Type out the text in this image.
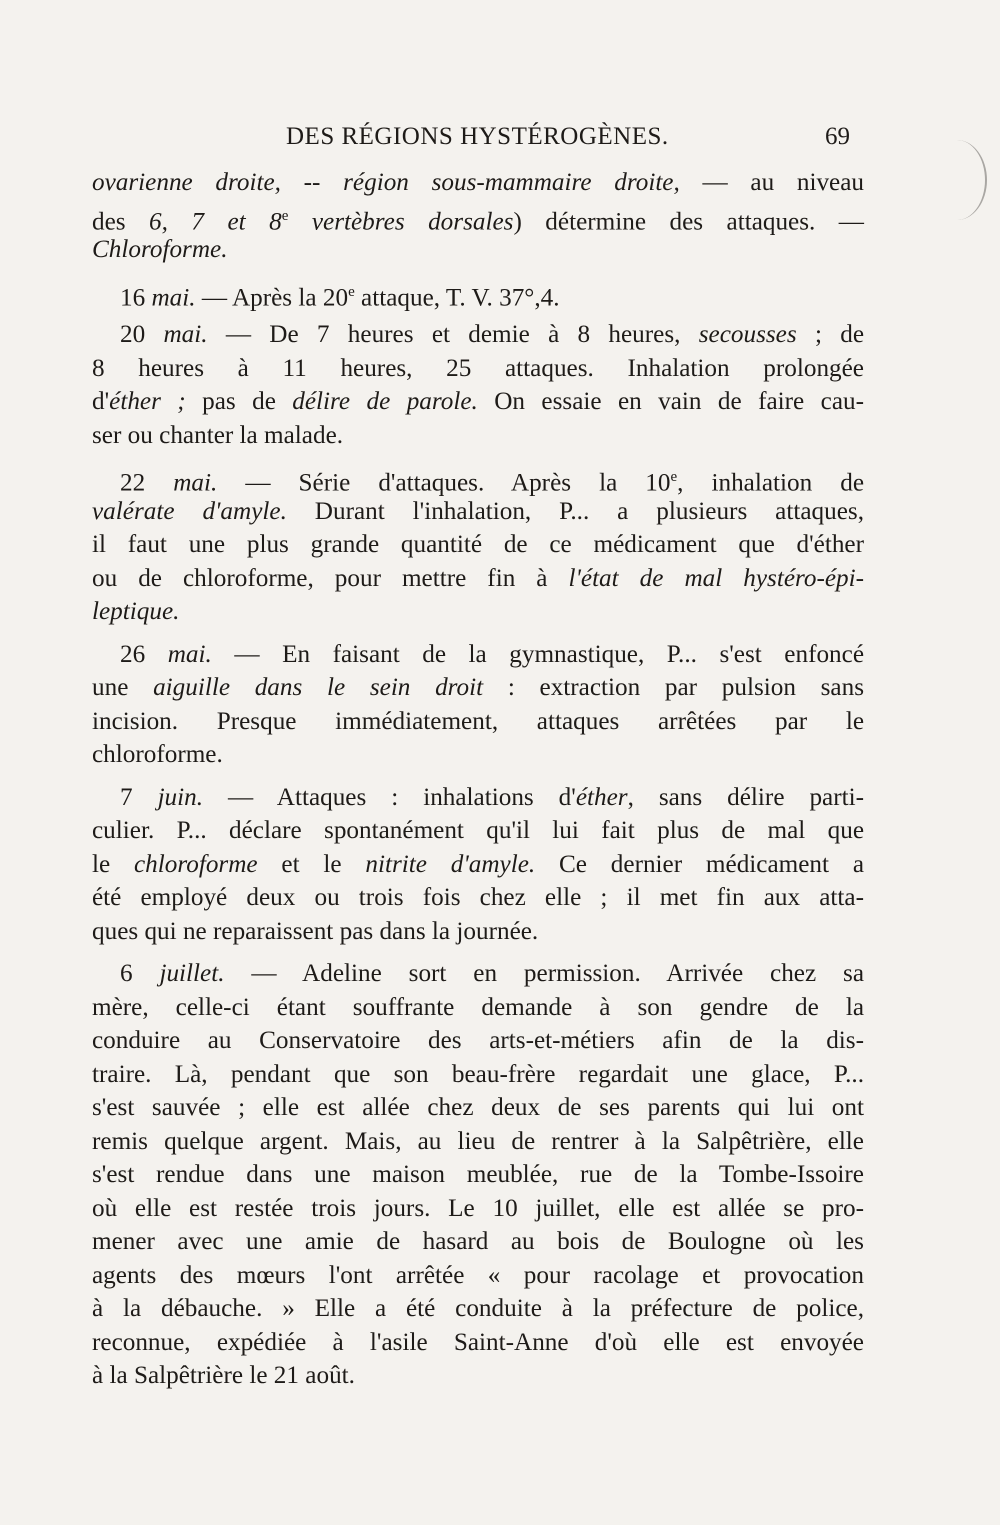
DES RÉGIONS HYSTÉROGÈNES.	69
ovarienne droite, -- région sous-mammaire droite, — au niveau
des 6, 7 et 8e vertèbres dorsales) détermine des attaques. —
Chloroforme.
16 mai. — Après la 20e attaque, T. V. 37°,4.
20 mai. — De 7 heures et demie à 8 heures, secousses ; de
8 heures à 11 heures, 25 attaques. Inhalation prolongée
d'éther ; pas de délire de parole. On essaie en vain de faire cau-
ser ou chanter la malade.
22 mai. — Série d'attaques. Après la 10e, inhalation de
valérate d'amyle. Durant l'inhalation, P... a plusieurs attaques,
il faut une plus grande quantité de ce médicament que d'éther
ou de chloroforme, pour mettre fin à l'état de mal hystéro-épi-
leptique.
26 mai. — En faisant de la gymnastique, P... s'est enfoncé
une aiguille dans le sein droit : extraction par pulsion sans
incision. Presque immédiatement, attaques arrêtées par le
chloroforme.
7 juin. — Attaques : inhalations d'éther, sans délire parti-
culier. P... déclare spontanément qu'il lui fait plus de mal que
le chloroforme et le nitrite d'amyle. Ce dernier médicament a
été employé deux ou trois fois chez elle ; il met fin aux atta-
ques qui ne reparaissent pas dans la journée.
6 juillet. — Adeline sort en permission. Arrivée chez sa
mère, celle-ci étant souffrante demande à son gendre de la
conduire au Conservatoire des arts-et-métiers afin de la dis-
traire. Là, pendant que son beau-frère regardait une glace, P...
s'est sauvée ; elle est allée chez deux de ses parents qui lui ont
remis quelque argent. Mais, au lieu de rentrer à la Salpêtrière, elle
s'est rendue dans une maison meublée, rue de la Tombe-Issoire
où elle est restée trois jours. Le 10 juillet, elle est allée se pro-
mener avec une amie de hasard au bois de Boulogne où les
agents des mœurs l'ont arrêtée « pour racolage et provocation
à la débauche. » Elle a été conduite à la préfecture de police,
reconnue, expédiée à l'asile Saint-Anne d'où elle est envoyée
à la Salpêtrière le 21 août.
